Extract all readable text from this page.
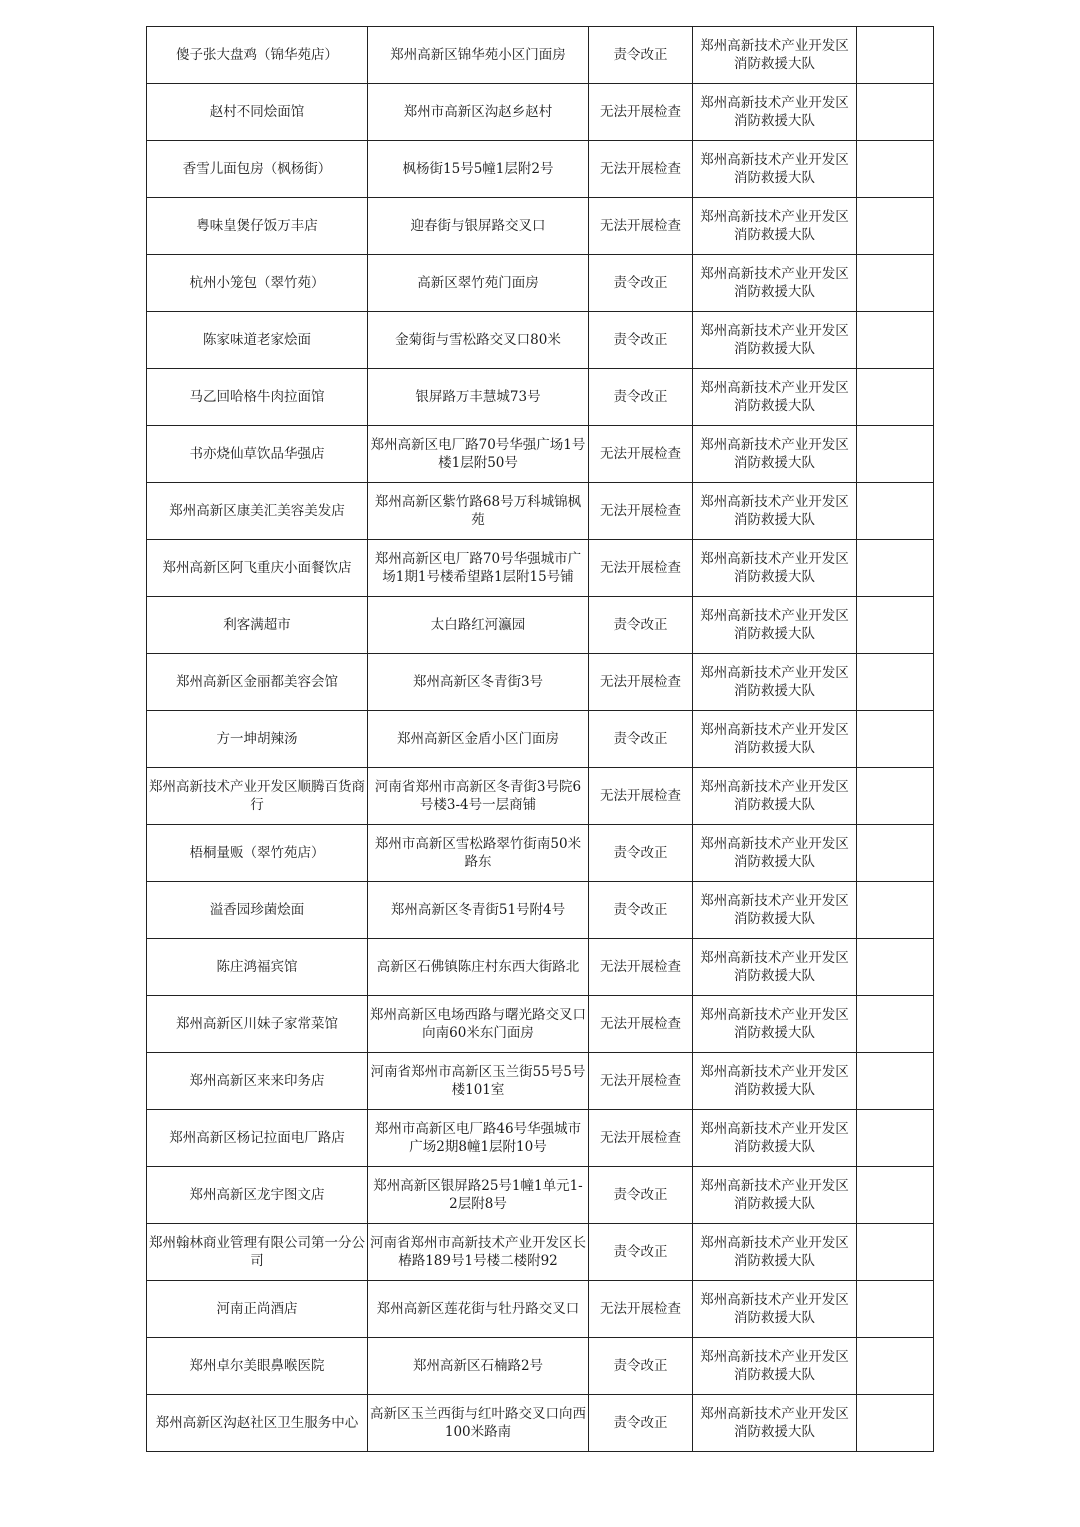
傻子张大盘鸡（锦华苑店）	郑州高新区锦华苑小区门面房	责令改正	郑州高新技术产业开发区消防救援大队	
赵村不同烩面馆	郑州市高新区沟赵乡赵村	无法开展检查	郑州高新技术产业开发区消防救援大队	
香雪儿面包房（枫杨街）	枫杨街15号5幢1层附2号	无法开展检查	郑州高新技术产业开发区消防救援大队	
粤味皇煲仔饭万丰店	迎春街与银屏路交叉口	无法开展检查	郑州高新技术产业开发区消防救援大队	
杭州小笼包（翠竹苑）	高新区翠竹苑门面房	责令改正	郑州高新技术产业开发区消防救援大队	
陈家味道老家烩面	金菊街与雪松路交叉口80米	责令改正	郑州高新技术产业开发区消防救援大队	
马乙回哈格牛肉拉面馆	银屏路万丰慧城73号	责令改正	郑州高新技术产业开发区消防救援大队	
书亦烧仙草饮品华强店	郑州高新区电厂路70号华强广场1号楼1层附50号	无法开展检查	郑州高新技术产业开发区消防救援大队	
郑州高新区康美汇美容美发店	郑州高新区紫竹路68号万科城锦枫苑	无法开展检查	郑州高新技术产业开发区消防救援大队	
郑州高新区阿飞重庆小面餐饮店	郑州高新区电厂路70号华强城市广场1期1号楼希望路1层附15号铺	无法开展检查	郑州高新技术产业开发区消防救援大队	
利客满超市	太白路红河瀛园	责令改正	郑州高新技术产业开发区消防救援大队	
郑州高新区金丽都美容会馆	郑州高新区冬青街3号	无法开展检查	郑州高新技术产业开发区消防救援大队	
方一坤胡辣汤	郑州高新区金盾小区门面房	责令改正	郑州高新技术产业开发区消防救援大队	
郑州高新技术产业开发区顺腾百货商行	河南省郑州市高新区冬青街3号院6号楼3-4号一层商铺	无法开展检查	郑州高新技术产业开发区消防救援大队	
梧桐量贩（翠竹苑店）	郑州市高新区雪松路翠竹街南50米路东	责令改正	郑州高新技术产业开发区消防救援大队	
溢香园珍菌烩面	郑州高新区冬青街51号附4号	责令改正	郑州高新技术产业开发区消防救援大队	
陈庄鸿福宾馆	高新区石佛镇陈庄村东西大街路北	无法开展检查	郑州高新技术产业开发区消防救援大队	
郑州高新区川妹子家常菜馆	郑州高新区电场西路与曙光路交叉口向南60米东门面房	无法开展检查	郑州高新技术产业开发区消防救援大队	
郑州高新区来来印务店	河南省郑州市高新区玉兰街55号5号楼101室	无法开展检查	郑州高新技术产业开发区消防救援大队	
郑州高新区杨记拉面电厂路店	郑州市高新区电厂路46号华强城市广场2期8幢1层附10号	无法开展检查	郑州高新技术产业开发区消防救援大队	
郑州高新区龙宇图文店	郑州高新区银屏路25号1幢1单元1-2层附8号	责令改正	郑州高新技术产业开发区消防救援大队	
郑州翰林商业管理有限公司第一分公司	河南省郑州市高新技术产业开发区长椿路189号1号楼二楼附92	责令改正	郑州高新技术产业开发区消防救援大队	
河南正尚酒店	郑州高新区莲花街与牡丹路交叉口	无法开展检查	郑州高新技术产业开发区消防救援大队	
郑州卓尔美眼鼻喉医院	郑州高新区石楠路2号	责令改正	郑州高新技术产业开发区消防救援大队	
郑州高新区沟赵社区卫生服务中心	高新区玉兰西街与红叶路交叉口向西100米路南	责令改正	郑州高新技术产业开发区消防救援大队	
